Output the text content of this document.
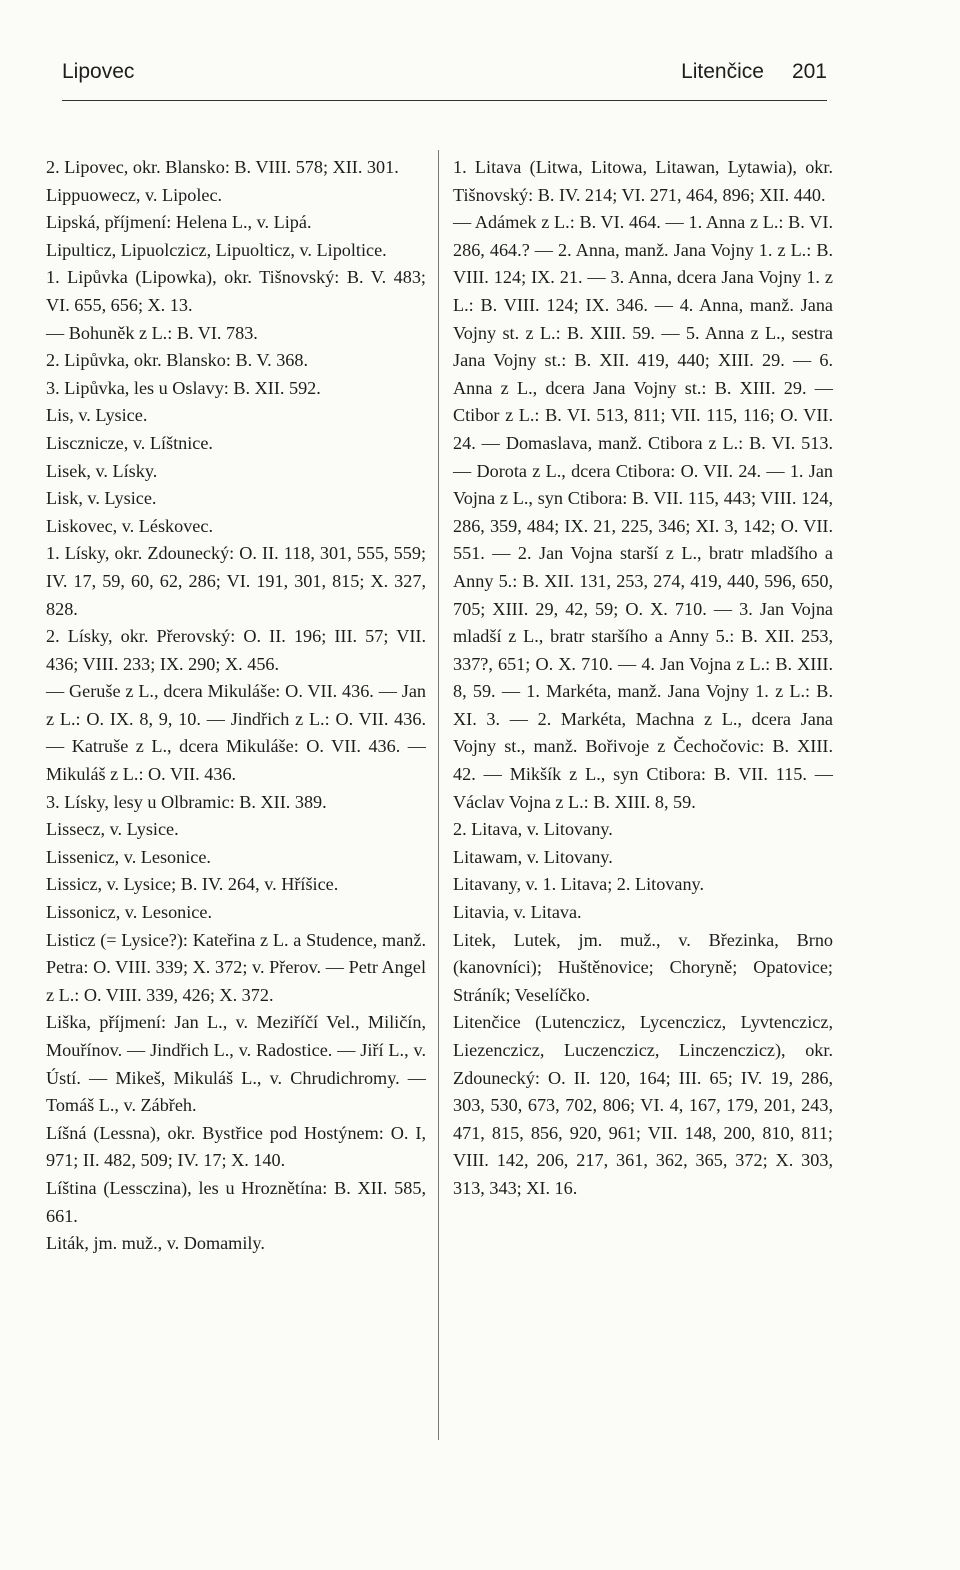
Lipovec	Litenčice 201

2. Lipovec, okr. Blansko: B. VIII. 578; XII. 301.

Lippuowecz, v. Lipolec.

Lipská, příjmení: Helena L., v. Lipá.

Lipulticz, Lipuolczicz, Lipuolticz, v. Lipoltice.

1. Lipůvka (Lipowka), okr. Tišnovský: B. V. 483; VI. 655, 656; X. 13.

— Bohuněk z L.: B. VI. 783.

2. Lipůvka, okr. Blansko: B. V. 368.

3. Lipůvka, les u Oslavy: B. XII. 592.

Lis, v. Lysice.

Lisczniczе, v. Líštnice.

Lisek, v. Lísky.

Lisk, v. Lysice.

Liskovec, v. Léskovec.

1. Lísky, okr. Zdounecký: O. II. 118, 301, 555, 559; IV. 17, 59, 60, 62, 286; VI. 191, 301, 815; X. 327, 828.

2. Lísky, okr. Přerovský: O. II. 196; III. 57; VII. 436; VIII. 233; IX. 290; X. 456.

— Geruše z L., dcera Mikuláše: O. VII. 436. — Jan z L.: O. IX. 8, 9, 10. — Jindřich z L.: O. VII. 436. — Katruše z L., dcera Mikuláše: O. VII. 436. — Mikuláš z L.: O. VII. 436.

3. Lísky, lesy u Olbramic: B. XII. 389.

Lissecz, v. Lysice.

Lissenicz, v. Lesonice.

Lissicz, v. Lysice; B. IV. 264, v. Hříšice.

Lissonicz, v. Lesonice.

Listicz (= Lysice?): Kateřina z L. a Studence, manž. Petra: O. VIII. 339; X. 372; v. Přerov. — Petr Angel z L.: O. VIII. 339, 426; X. 372.

Liška, příjmení: Jan L., v. Meziříčí Vel., Miličín, Mouřínov. — Jindřich L., v. Radostice. — Jiří L., v. Ústí. — Mikeš, Mikuláš L., v. Chrudichromy. — Tomáš L., v. Zábřeh.

Líšná (Lessna), okr. Bystřice pod Hostýnem: O. I, 971; II. 482, 509; IV. 17; X. 140.

Líština (Lessczina), les u Hroznětína: B. XII. 585, 661.

Liták, jm. muž., v. Domamily.

1. Litava (Litwa, Litowa, Litawan, Lytawia), okr. Tišnovský: B. IV. 214; VI. 271, 464, 896; XII. 440.

— Adámek z L.: B. VI. 464. — 1. Anna z L.: B. VI. 286, 464.? — 2. Anna, manž. Jana Vojny 1. z L.: B. VIII. 124; IX. 21. — 3. Anna, dcera Jana Vojny 1. z L.: B. VIII. 124; IX. 346. — 4. Anna, manž. Jana Vojny st. z L.: B. XIII. 59. — 5. Anna z L., sestra Jana Vojny st.: B. XII. 419, 440; XIII. 29. — 6. Anna z L., dcera Jana Vojny st.: B. XIII. 29. — Ctibor z L.: B. VI. 513, 811; VII. 115, 116; O. VII. 24. — Domaslava, manž. Ctibora z L.: B. VI. 513. — Dorota z L., dcera Ctibora: O. VII. 24. — 1. Jan Vojna z L., syn Ctibora: B. VII. 115, 443; VIII. 124, 286, 359, 484; IX. 21, 225, 346; XI. 3, 142; O. VII. 551. — 2. Jan Vojna starší z L., bratr mladšího a Anny 5.: B. XII. 131, 253, 274, 419, 440, 596, 650, 705; XIII. 29, 42, 59; O. X. 710. — 3. Jan Vojna mladší z L., bratr staršího a Anny 5.: B. XII. 253, 337?, 651; O. X. 710. — 4. Jan Vojna z L.: B. XIII. 8, 59. — 1. Markéta, manž. Jana Vojny 1. z L.: B. XI. 3. — 2. Markéta, Machna z L., dcera Jana Vojny st., manž. Bořivoje z Čechočovic: B. XIII. 42. — Mikšík z L., syn Ctibora: B. VII. 115. — Václav Vojna z L.: B. XIII. 8, 59.

2. Litava, v. Litovany.

Litawam, v. Litovany.

Litavany, v. 1. Litava; 2. Litovany.

Litavia, v. Litava.

Litek, Lutek, jm. muž., v. Březinka, Brno (kanovníci); Huštěnovice; Choryně; Opatovice; Stráník; Veselíčko.

Litenčice (Lutenczicz, Lycenczicz, Lyvtenczicz, Liezenczicz, Luczenczicz, Linczenczicz), okr. Zdounecký: O. II. 120, 164; III. 65; IV. 19, 286, 303, 530, 673, 702, 806; VI. 4, 167, 179, 201, 243, 471, 815, 856, 920, 961; VII. 148, 200, 810, 811; VIII. 142, 206, 217, 361, 362, 365, 372; X. 303, 313, 343; XI. 16.
